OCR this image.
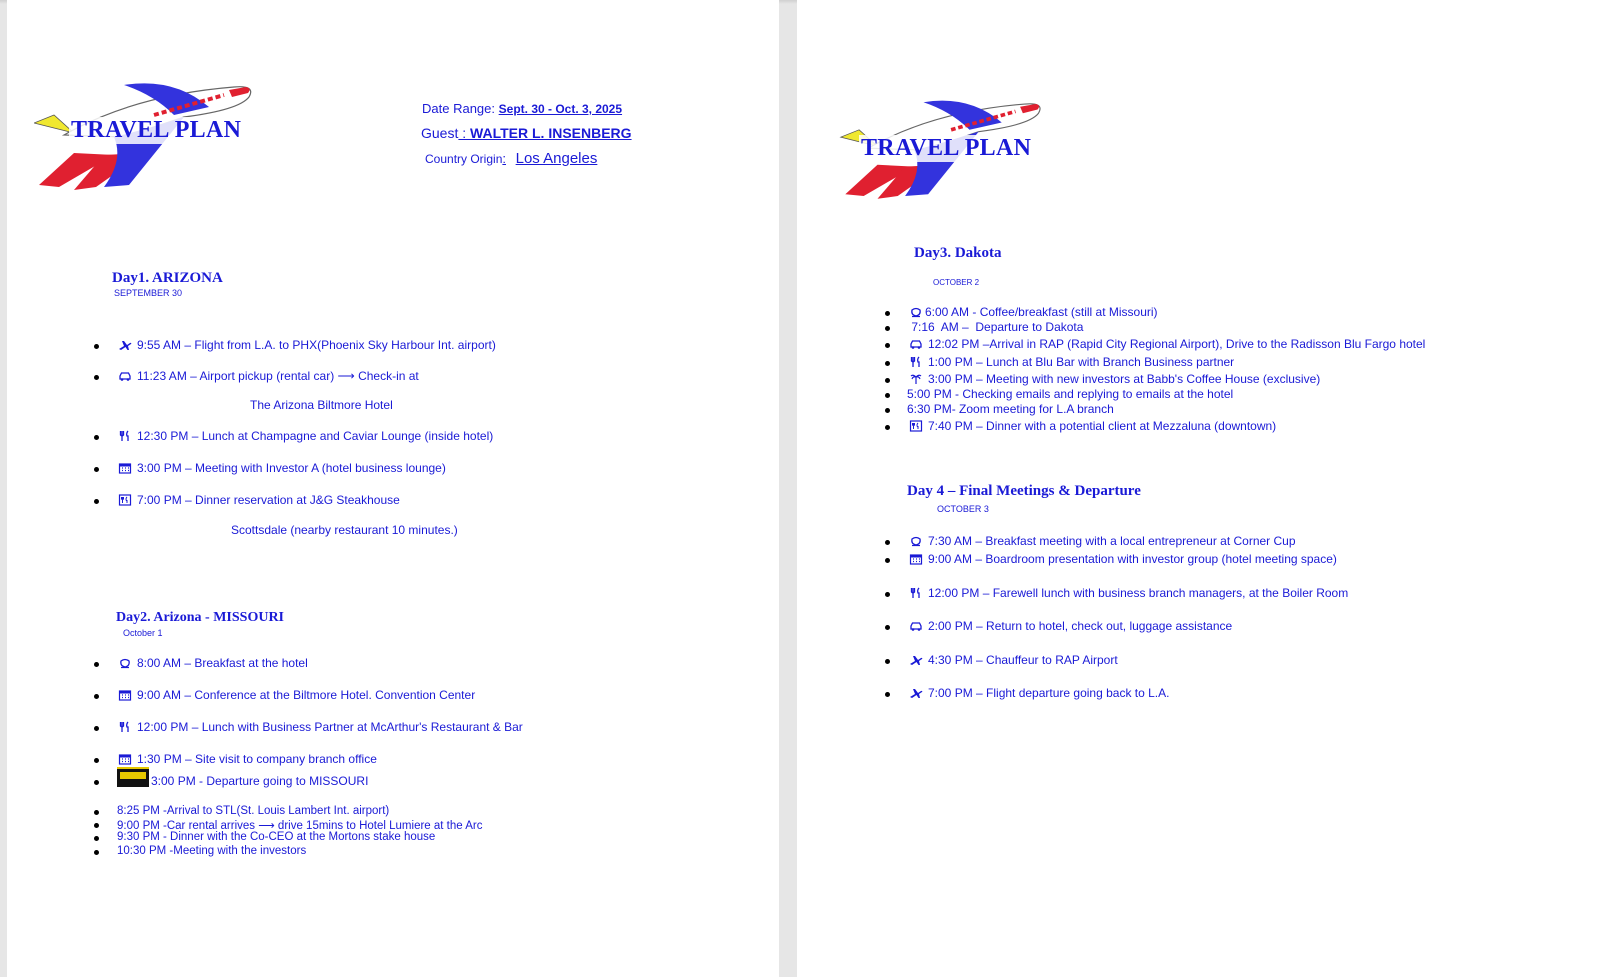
TRAVEL PLAN
Date Range: Sept. 30 - Oct. 3, 2025
Guest : WALTER L. INSENBERG
Country Origin: Los Angeles
Day1. ARIZONA
SEPTEMBER 30
9:55 AM – Flight from L.A. to PHX(Phoenix Sky Harbour Int. airport)
11:23 AM – Airport pickup (rental car) ⟶ Check-in at
The Arizona Biltmore Hotel
12:30 PM – Lunch at Champagne and Caviar Lounge (inside hotel)
3:00 PM – Meeting with Investor A (hotel business lounge)
7:00 PM – Dinner reservation at J&G Steakhouse
Scottsdale (nearby restaurant 10 minutes.)
Day2. Arizona - MISSOURI
October 1
8:00 AM – Breakfast at the hotel
9:00 AM – Conference at the Biltmore Hotel. Convention Center
12:00 PM – Lunch with Business Partner at McArthur's Restaurant & Bar
1:30 PM – Site visit to company branch office
3:00 PM - Departure going to MISSOURI
8:25 PM -Arrival to STL(St. Louis Lambert Int. airport)
9:00 PM -Car rental arrives ⟶ drive 15mins to Hotel Lumiere at the Arc
9:30 PM - Dinner with the Co-CEO at the Mortons stake house
10:30 PM -Meeting with the investors
TRAVEL PLAN
Day3. Dakota
OCTOBER 2
6:00 AM - Coffee/breakfast (still at Missouri)
7:16  AM –  Departure to Dakota
12:02 PM –Arrival in RAP (Rapid City Regional Airport), Drive to the Radisson Blu Fargo hotel
1:00 PM – Lunch at Blu Bar with Branch Business partner
3:00 PM – Meeting with new investors at Babb's Coffee House (exclusive)
5:00 PM - Checking emails and replying to emails at the hotel
6:30 PM- Zoom meeting for L.A branch
7:40 PM – Dinner with a potential client at Mezzaluna (downtown)
Day 4 – Final Meetings & Departure
OCTOBER 3
7:30 AM – Breakfast meeting with a local entrepreneur at Corner Cup
9:00 AM – Boardroom presentation with investor group (hotel meeting space)
12:00 PM – Farewell lunch with business branch managers, at the Boiler Room
2:00 PM – Return to hotel, check out, luggage assistance
4:30 PM – Chauffeur to RAP Airport
7:00 PM – Flight departure going back to L.A.
